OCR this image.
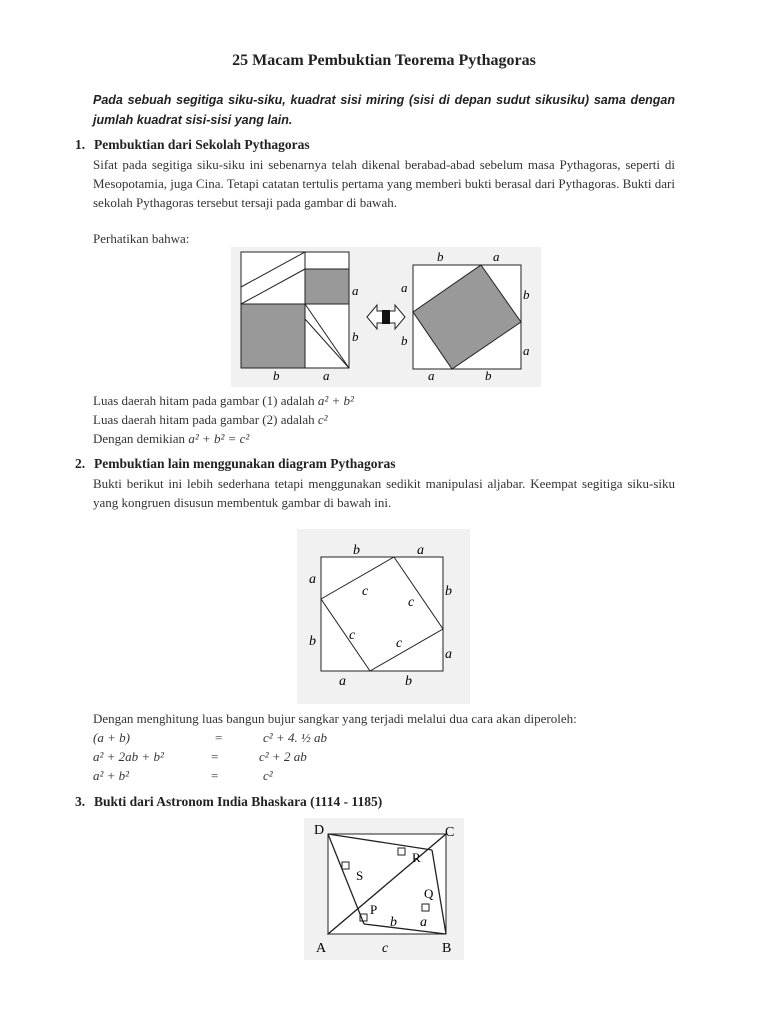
25 Macam Pembuktian Teorema Pythagoras
Pada sebuah segitiga siku-siku, kuadrat sisi miring (sisi di depan sudut sikusiku) sama dengan jumlah kuadrat sisi-sisi yang lain.
1. Pembuktian dari Sekolah Pythagoras
Sifat pada segitiga siku-siku ini sebenarnya telah dikenal berabad-abad sebelum masa Pythagoras, seperti di Mesopotamia, juga Cina. Tetapi catatan tertulis pertama yang memberi bukti berasal dari Pythagoras. Bukti dari sekolah Pythagoras tersebut tersaji pada gambar di bawah.
Perhatikan bahwa:
a
b
b	a
b	a
a
b
b
a
a	b
Luas daerah hitam pada gambar (1) adalah a² + b²
Luas daerah hitam pada gambar (2) adalah c²
Dengan demikian a² + b² = c²
2. Pembuktian lain menggunakan diagram Pythagoras
Bukti berikut ini lebih sederhana tetapi menggunakan sedikit manipulasi aljabar. Keempat segitiga siku-siku yang kongruen disusun membentuk gambar di bawah ini.
b	a
a
b
b
a
a	b
c
c
c
c
Dengan menghitung luas bangun bujur sangkar yang terjadi melalui dua cara akan diperoleh:
(a + b)	=	c² + 4. ½ ab
a² + 2ab + b²	=	c² + 2 ab
a² + b²	=	c²
3. Bukti dari Astronom India Bhaskara (1114 - 1185)
D	C
A	B
S
R
Q
P
b a
c
